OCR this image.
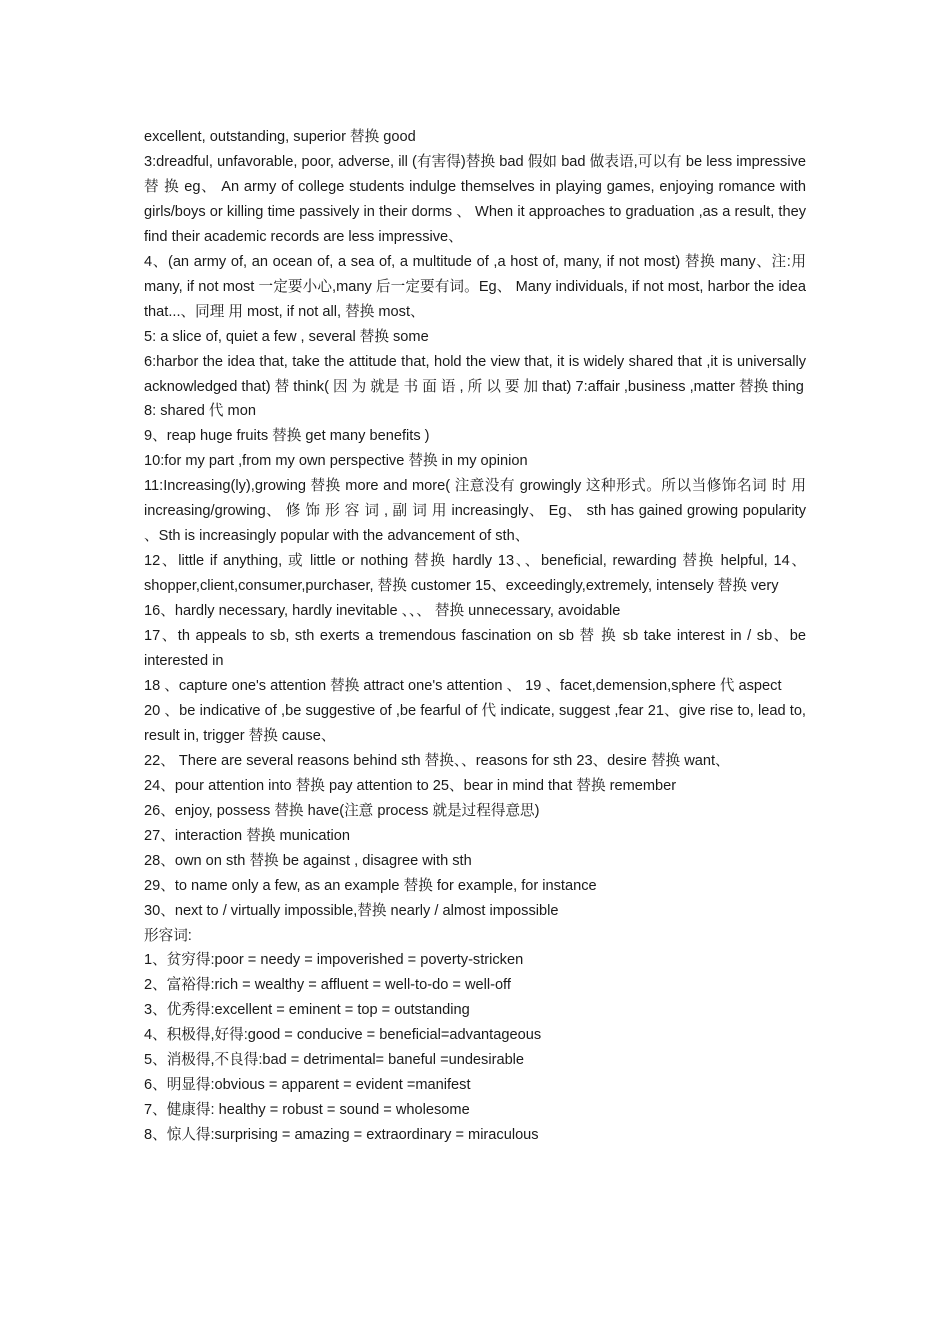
excellent, outstanding, superior 替换 good

3:dreadful, unfavorable, poor, adverse, ill (有害得)替换 bad 假如 bad 做表语,可以有 be less impressive 替 换 eg、 An army of college students indulge themselves in playing games, enjoying romance with girls/boys or killing time passively in their dorms 、 When it approaches to graduation ,as a result, they find their academic records are less impressive、

4、(an army of, an ocean of, a sea of, a multitude of ,a host of, many, if not most) 替换 many、注:用 many, if not most 一定要小心,many 后一定要有词。Eg、 Many individuals, if not most, harbor the idea that...、同理 用 most, if not all, 替换 most、

5: a slice of, quiet a few , several 替换 some

6:harbor the idea that, take the attitude that, hold the view that, it is widely shared that ,it is universally acknowledged that) 替 think( 因 为 就是 书 面 语 , 所 以 要 加 that) 7:affair ,business ,matter 替换 thing

8: shared 代 mon

9、reap huge fruits 替换 get many benefits )

10:for my part ,from my own perspective 替换 in my opinion

11:Increasing(ly),growing 替换 more and more( 注意没有 growingly 这种形式。所以当修饰名词 时 用 increasing/growing、 修 饰 形 容 词 , 副 词 用 increasingly、 Eg、 sth has gained growing popularity 、Sth is increasingly popular with the advancement of sth、

12、little if anything, 或 little or nothing 替换 hardly 13、、beneficial, rewarding 替换 helpful, 14、shopper,client,consumer,purchaser, 替换 customer 15、exceedingly,extremely, intensely 替换 very

16、hardly necessary, hardly inevitable 、、、 替换 unnecessary, avoidable

17、th appeals to sb, sth exerts a tremendous fascination on sb 替 换 sb take interest in / sb、be interested in

18 、capture one's attention 替换 attract one's attention 、 19 、facet,demension,sphere 代 aspect

20 、be indicative of ,be suggestive of ,be fearful of 代 indicate, suggest ,fear 21、give rise to, lead to, result in, trigger 替换 cause、

22、 There are several reasons behind sth 替换、、reasons for sth 23、desire 替换 want、

24、pour attention into 替换 pay attention to 25、bear in mind that 替换 remember

26、enjoy, possess 替换 have(注意 process 就是过程得意思)

27、interaction 替换 munication

28、own on sth 替换 be against , disagree with sth

29、to name only a few, as an example 替换 for example, for instance

30、next to / virtually impossible,替换 nearly / almost impossible

形容词:

1、贫穷得:poor = needy = impoverished = poverty-stricken

2、富裕得:rich = wealthy = affluent = well-to-do = well-off

3、优秀得:excellent = eminent = top = outstanding

4、积极得,好得:good = conducive = beneficial=advantageous

5、消极得,不良得:bad = detrimental= baneful =undesirable

6、明显得:obvious = apparent = evident =manifest

7、健康得: healthy = robust = sound = wholesome

8、惊人得:surprising = amazing = extraordinary = miraculous
